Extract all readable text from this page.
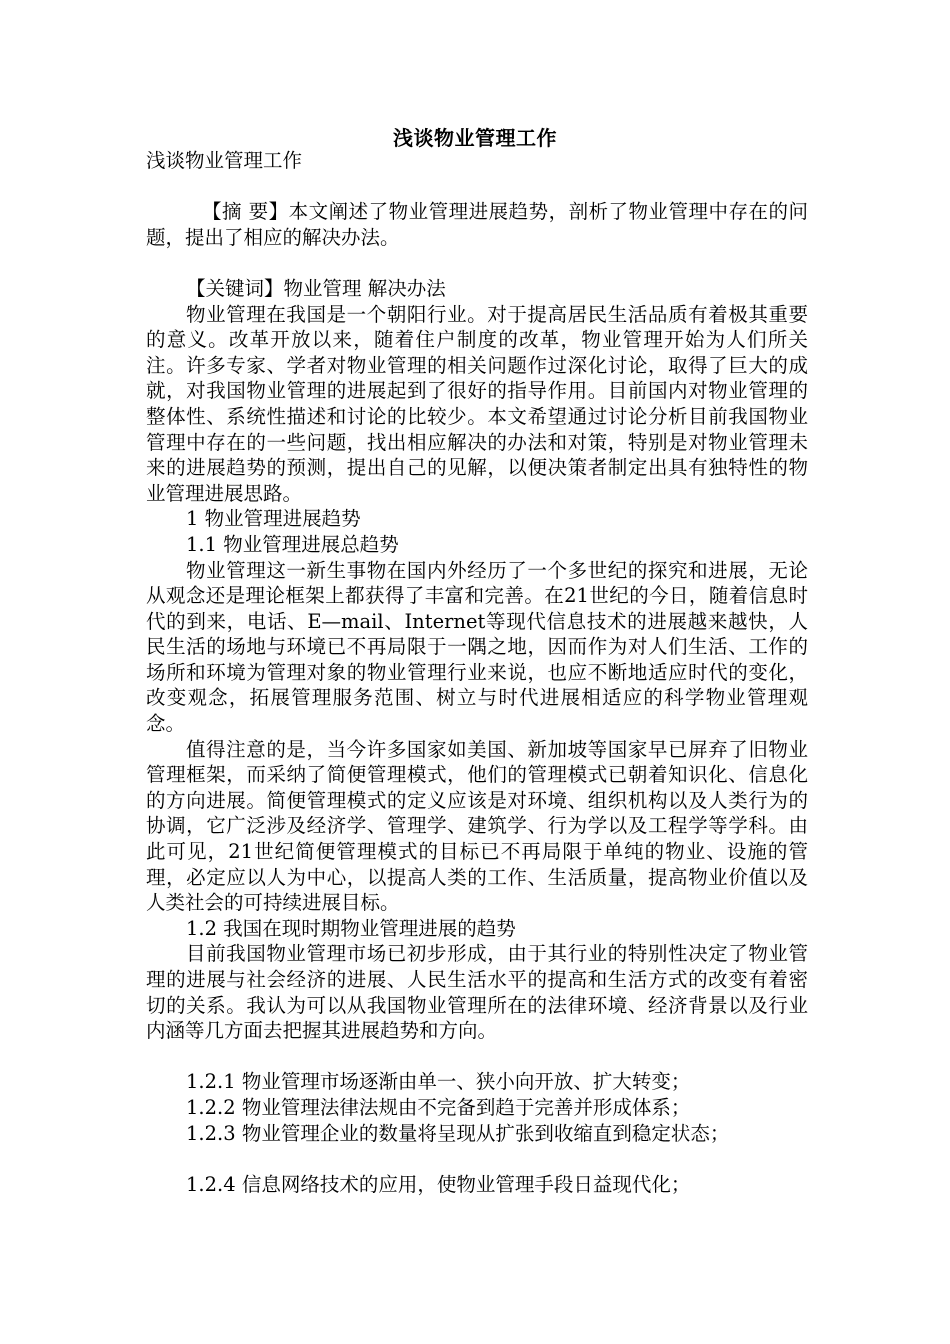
浅谈物业管理工作

浅谈物业管理工作

【摘 要】本文阐述了物业管理进展趋势，剖析了物业管理中存在的问题，提出了相应的解决办法。

【关键词】物业管理 解决办法

物业管理在我国是一个朝阳行业。对于提高居民生活品质有着极其重要的意义。改革开放以来，随着住户制度的改革，物业管理开始为人们所关注。许多专家、学者对物业管理的相关问题作过深化讨论，取得了巨大的成就，对我国物业管理的进展起到了很好的指导作用。目前国内对物业管理的整体性、系统性描述和讨论的比较少。本文希望通过讨论分析目前我国物业管理中存在的一些问题，找出相应解决的办法和对策，特别是对物业管理未来的进展趋势的预测，提出自己的见解，以便决策者制定出具有独特性的物业管理进展思路。

1 物业管理进展趋势

1.1 物业管理进展总趋势

物业管理这一新生事物在国内外经历了一个多世纪的探究和进展，无论从观念还是理论框架上都获得了丰富和完善。在21世纪的今日，随着信息时代的到来，电话、E—mail、Internet等现代信息技术的进展越来越快，人民生活的场地与环境已不再局限于一隅之地，因而作为对人们生活、工作的场所和环境为管理对象的物业管理行业来说，也应不断地适应时代的变化，改变观念，拓展管理服务范围、树立与时代进展相适应的科学物业管理观念。

值得注意的是，当今许多国家如美国、新加坡等国家早已屏弃了旧物业管理框架，而采纳了简便管理模式，他们的管理模式已朝着知识化、信息化的方向进展。简便管理模式的定义应该是对环境、组织机构以及人类行为的协调，它广泛涉及经济学、管理学、建筑学、行为学以及工程学等学科。由此可见，21世纪简便管理模式的目标已不再局限于单纯的物业、设施的管理，必定应以人为中心，以提高人类的工作、生活质量，提高物业价值以及人类社会的可持续进展目标。

1.2 我国在现时期物业管理进展的趋势

目前我国物业管理市场已初步形成，由于其行业的特别性决定了物业管理的进展与社会经济的进展、人民生活水平的提高和生活方式的改变有着密切的关系。我认为可以从我国物业管理所在的法律环境、经济背景以及行业内涵等几方面去把握其进展趋势和方向。

1.2.1 物业管理市场逐渐由单一、狭小向开放、扩大转变；

1.2.2 物业管理法律法规由不完备到趋于完善并形成体系；

1.2.3 物业管理企业的数量将呈现从扩张到收缩直到稳定状态；

1.2.4 信息网络技术的应用，使物业管理手段日益现代化；
